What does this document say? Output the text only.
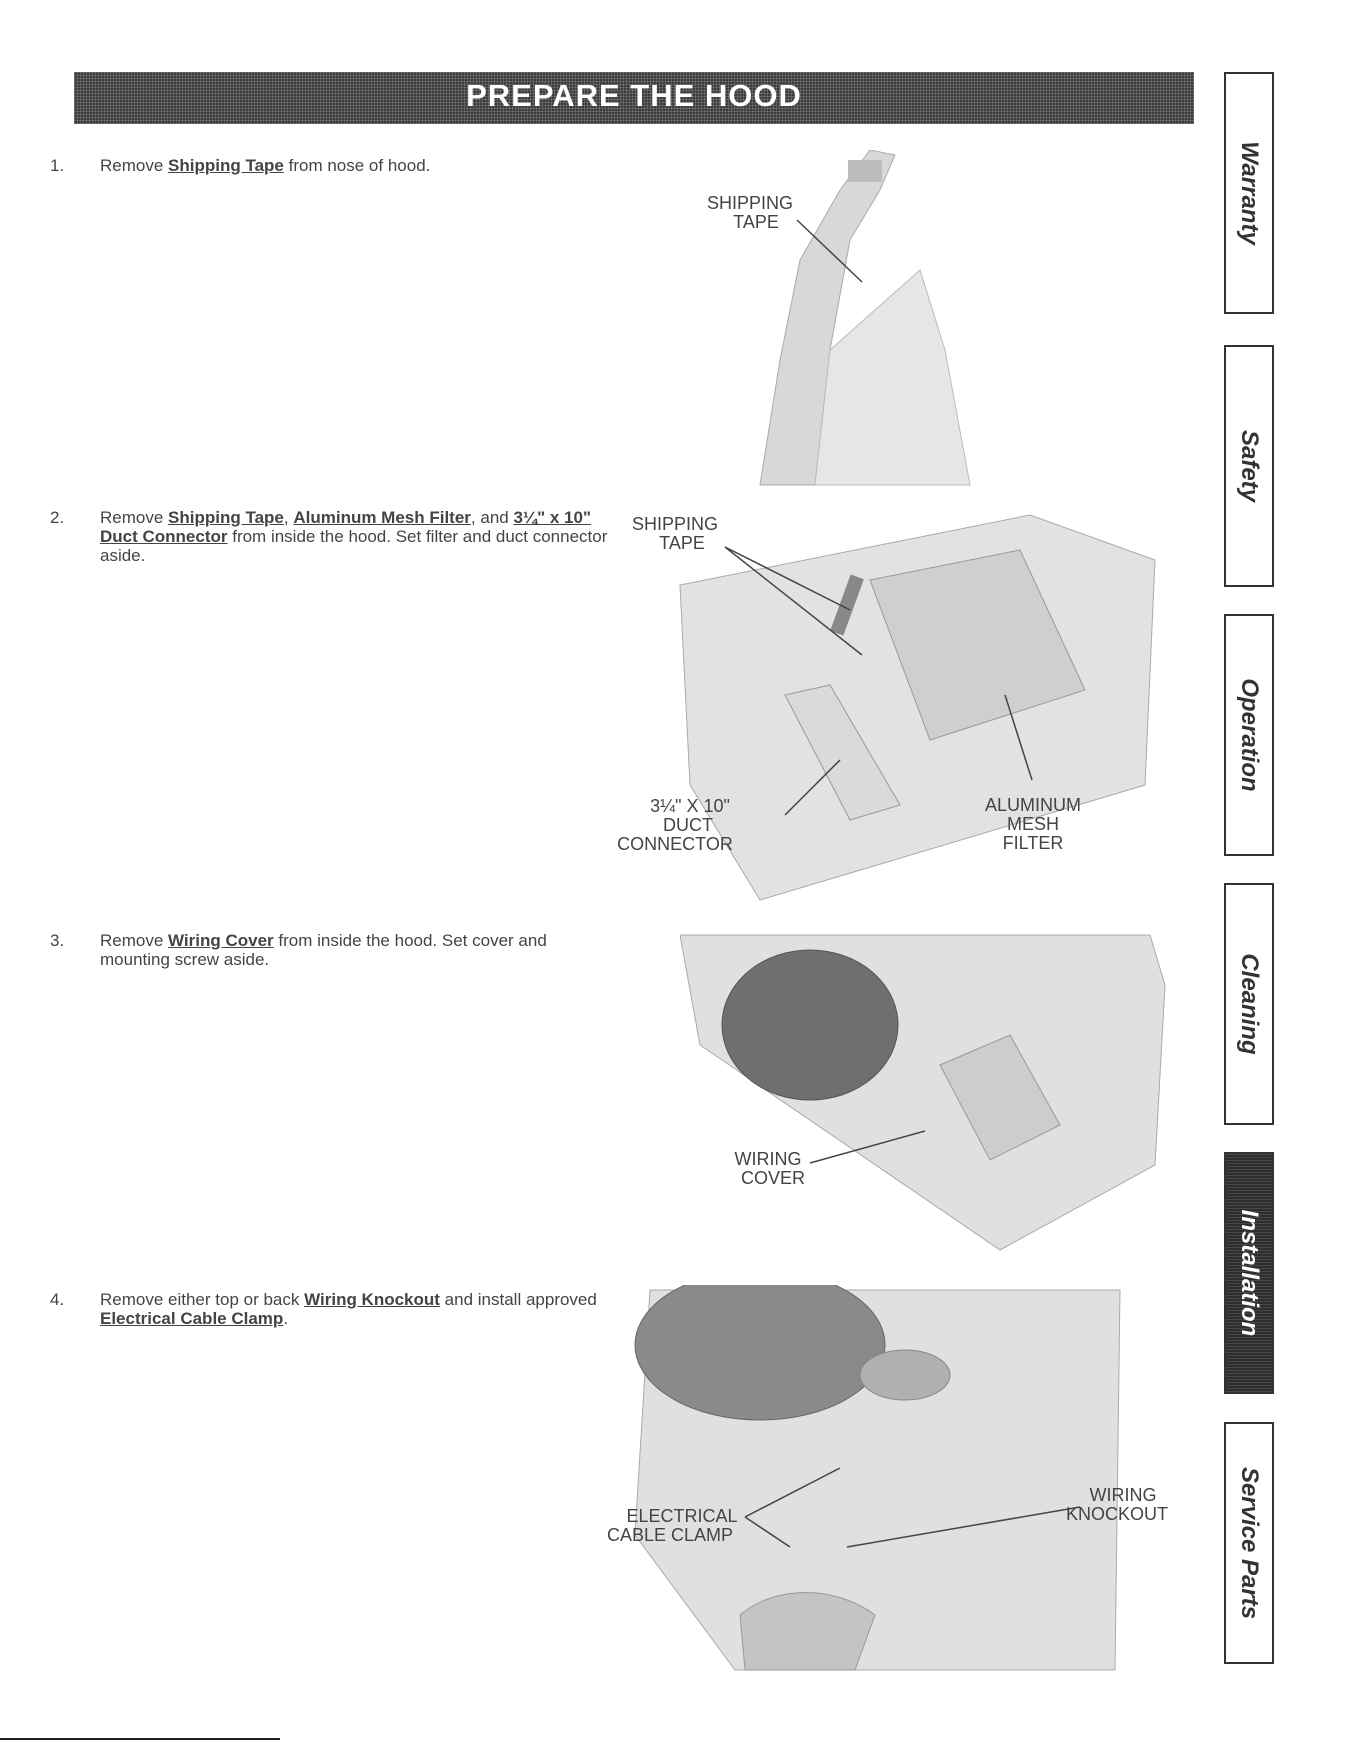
PREPARE THE HOOD
1.	Remove Shipping Tape from nose of hood.
2.	Remove Shipping Tape, Aluminum Mesh Filter, and 3¼" x 10" Duct Connector from inside the hood. Set filter and duct connector aside.
3.	Remove Wiring Cover from inside the hood. Set cover and mounting screw aside.
4.	Remove either top or back Wiring Knockout and install approved Electrical Cable Clamp.
SHIPPING
TAPE
SHIPPING
TAPE
3¼" X 10"
DUCT
CONNECTOR
ALUMINUM
MESH
FILTER
WIRING
COVER
ELECTRICAL
CABLE CLAMP
WIRING
KNOCKOUT
Warranty
Safety
Operation
Cleaning
Installation
Service Parts
